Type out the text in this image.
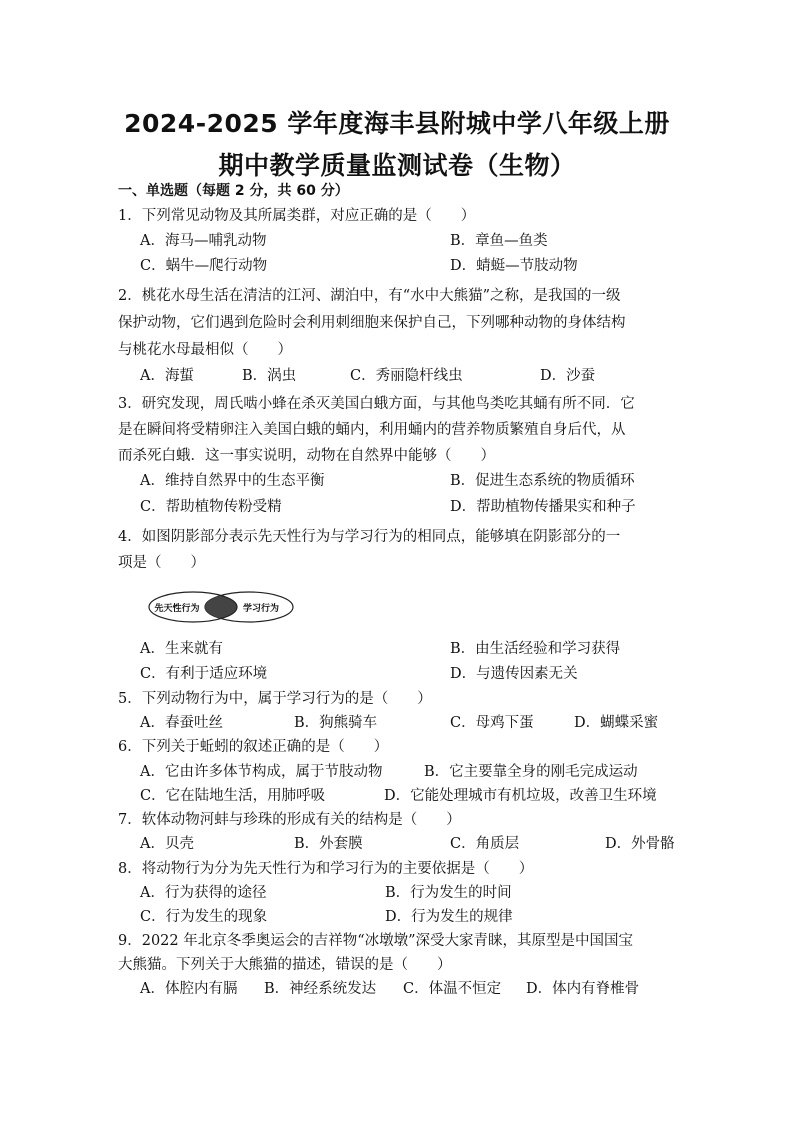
2024-2025 学年度海丰县附城中学八年级上册
期中教学质量监测试卷（生物）
一、单选题（每题 2 分，共 60 分）
1．下列常见动物及其所属类群，对应正确的是（　　）
A．海马—哺乳动物	B．章鱼—鱼类
C．蜗牛—爬行动物	D．蜻蜓—节肢动物
2．桃花水母生活在清洁的江河、湖泊中，有“水中大熊猫”之称，是我国的一级
保护动物，它们遇到危险时会利用刺细胞来保护自己，下列哪种动物的身体结构
与桃花水母最相似（　　）
A．海蜇	B．涡虫	C．秀丽隐杆线虫	D．沙蚕
3．研究发现，周氏啮小蜂在杀灭美国白蛾方面，与其他鸟类吃其蛹有所不同．它
是在瞬间将受精卵注入美国白蛾的蛹内，利用蛹内的营养物质繁殖自身后代，从
而杀死白蛾．这一事实说明，动物在自然界中能够（　　）
A．维持自然界中的生态平衡	B．促进生态系统的物质循环
C．帮助植物传粉受精	D．帮助植物传播果实和种子
4．如图阴影部分表示先天性行为与学习行为的相同点，能够填在阴影部分的一
项是（　　）
先天性行为	学习行为
A．生来就有	B．由生活经验和学习获得
C．有利于适应环境	D．与遗传因素无关
5．下列动物行为中，属于学习行为的是（　　）
A．春蚕吐丝	B．狗熊骑车	C．母鸡下蛋	D．蝴蝶采蜜
6．下列关于蚯蚓的叙述正确的是（　　）
A．它由许多体节构成，属于节肢动物	B．它主要靠全身的刚毛完成运动
C．它在陆地生活，用肺呼吸	D．它能处理城市有机垃圾，改善卫生环境
7．软体动物河蚌与珍珠的形成有关的结构是（　　）
A．贝壳	B．外套膜	C．角质层	D．外骨骼
8．将动物行为分为先天性行为和学习行为的主要依据是（　　）
A．行为获得的途径	B．行为发生的时间
C．行为发生的现象	D．行为发生的规律
9．2022 年北京冬季奥运会的吉祥物“冰墩墩”深受大家青睐，其原型是中国国宝
大熊猫。下列关于大熊猫的描述，错误的是（　　）
A．体腔内有膈 B．神经系统发达 C．体温不恒定 D．体内有脊椎骨
